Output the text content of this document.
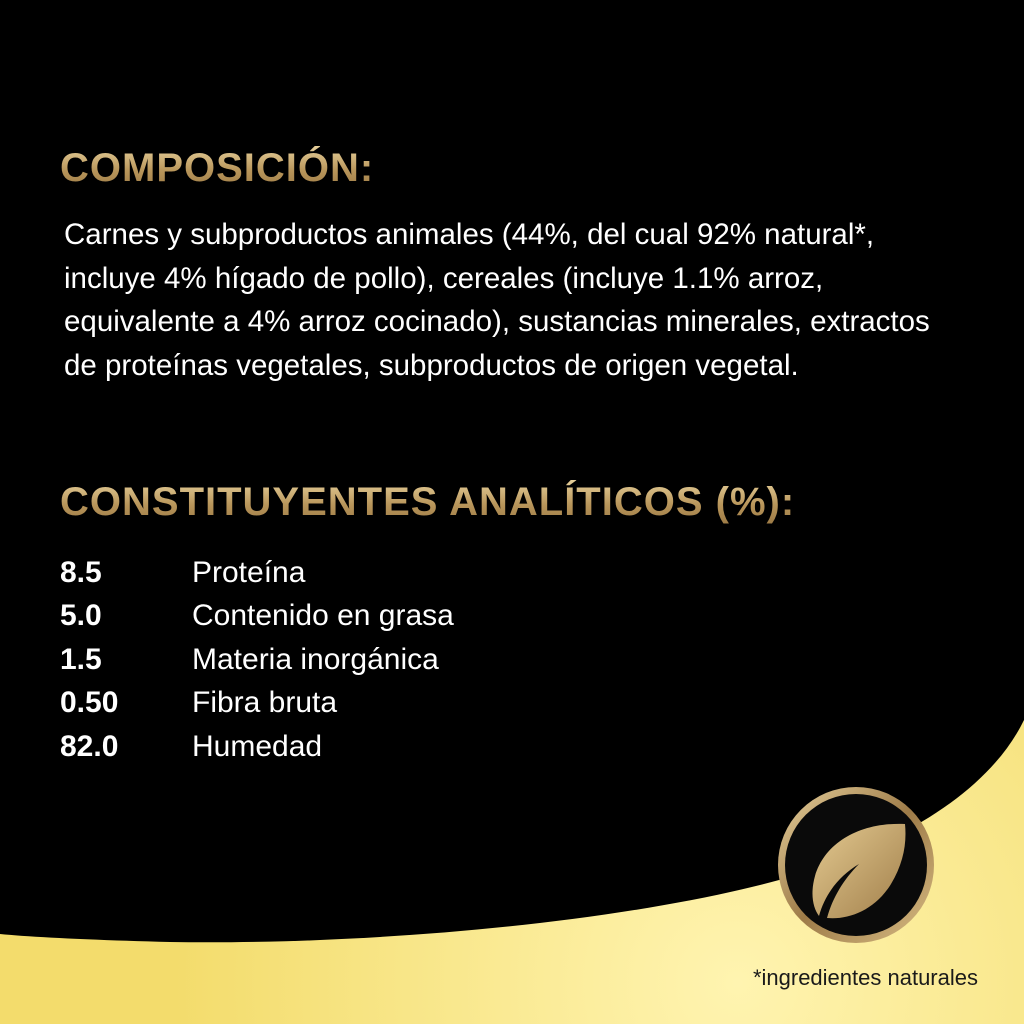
COMPOSICIÓN:

Carnes y subproductos animales (44%, del cual 92% natural*, incluye 4% hígado de pollo), cereales (incluye 1.1% arroz, equivalente a 4% arroz cocinado), sustancias minerales, extractos de proteínas vegetales, subproductos de origen vegetal.

CONSTITUYENTES ANALÍTICOS (%):
8.5	Proteína
5.0	Contenido en grasa
1.5	Materia inorgánica
0.50	Fibra bruta
82.0	Humedad

*ingredientes naturales
